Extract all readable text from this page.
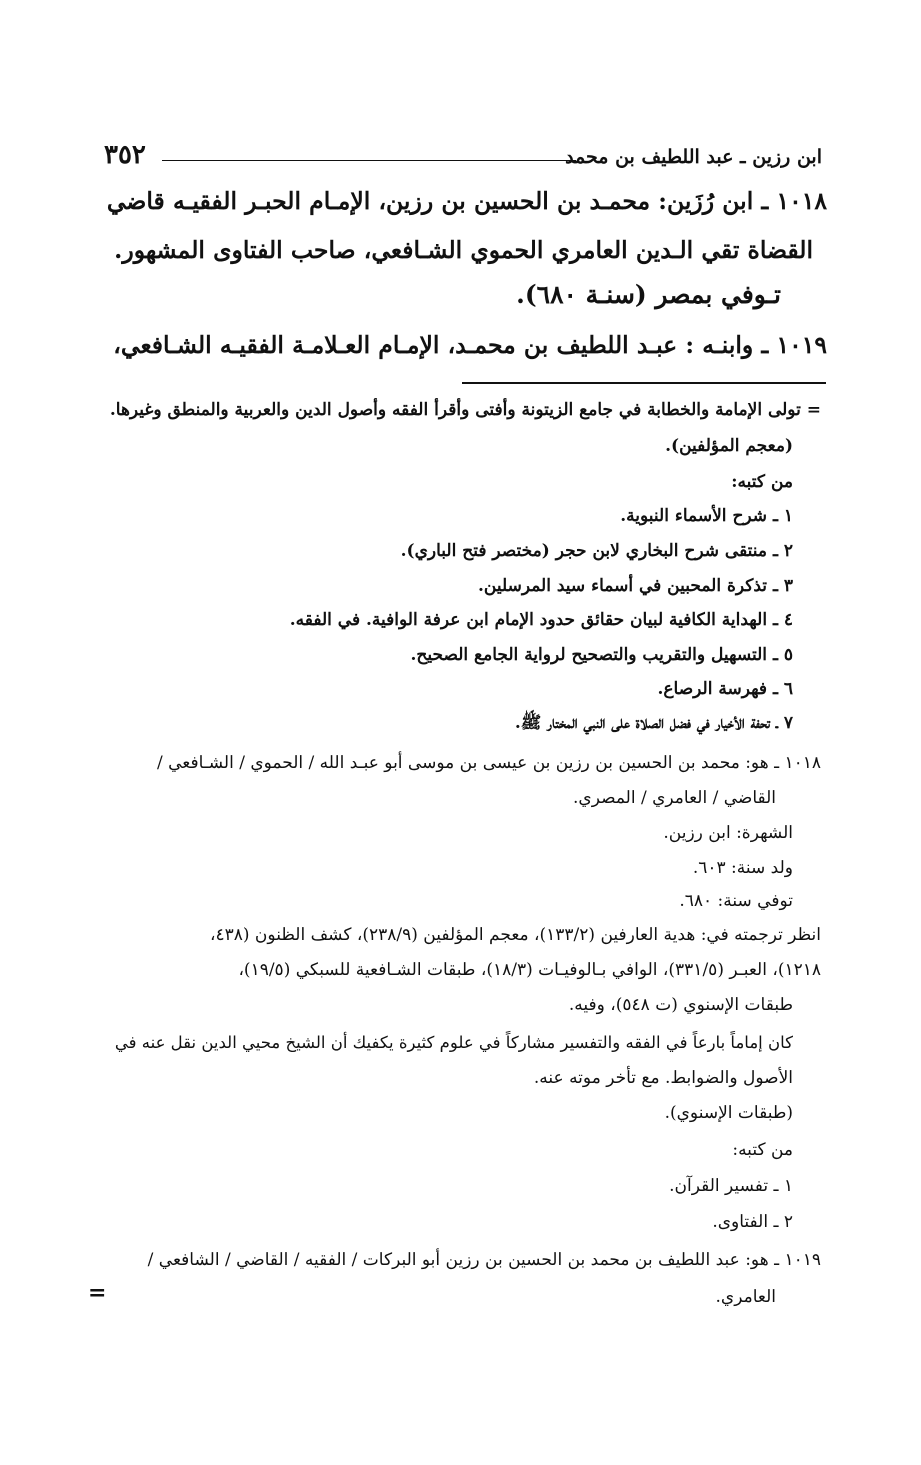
ابن رزين ـ عبد اللطيف بن محمد
٣٥٢
١٠١٨ ـ ابن رُزَين: محمـد بن الحسين بن رزين، الإمـام الحبـر الفقيـه قاضي
القضاة تقي الـدين العامري الحموي الشـافعي، صاحب الفتاوى المشهور.
تـوفي بمصر (سنـة ٦٨٠).
١٠١٩ ـ وابنـه : عبـد اللطيف بن محمـد، الإمـام العـلامـة الفقيـه الشـافعي،
= تولى الإمامة والخطابة في جامع الزيتونة وأفتى وأقرأ الفقه وأصول الدين والعربية والمنطق وغيرها.
(معجم المؤلفين).
من كتبه:
١ ـ شرح الأسماء النبوية.
٢ ـ منتقى شرح البخاري لابن حجر (مختصر فتح الباري).
٣ ـ تذكرة المحبين في أسماء سيد المرسلين.
٤ ـ الهداية الكافية لبيان حقائق حدود الإمام ابن عرفة الوافية. في الفقه.
٥ ـ التسهيل والتقريب والتصحيح لرواية الجامع الصحيح.
٦ ـ فهرسة الرصاع.
٧ ـ تحفة الأخيار في فضل الصلاة على النبي المختار ﷺ.
١٠١٨ ـ هو: محمد بن الحسين بن رزين بن عيسى بن موسى أبو عبـد الله / الحموي / الشـافعي /
القاضي / العامري / المصري.
الشهرة: ابن رزين.
ولد سنة: ٦٠٣.
توفي سنة: ٦٨٠.
انظر ترجمته في: هدية العارفين (١٣٣/٢)، معجم المؤلفين (٢٣٨/٩)، كشف الظنون (٤٣٨،
١٢١٨)، العبـر (٣٣١/٥)، الوافي بـالوفيـات (١٨/٣)، طبقات الشـافعية للسبكي (١٩/٥)،
طبقات الإسنوي (ت ٥٤٨)، وفيه.
كان إماماً بارعاً في الفقه والتفسير مشاركاً في علوم كثيرة يكفيك أن الشيخ محيي الدين نقل عنه في
الأصول والضوابط. مع تأخر موته عنه.
(طبقات الإسنوي).
من كتبه:
١ ـ تفسير القرآن.
٢ ـ الفتاوى.
١٠١٩ ـ هو: عبد اللطيف بن محمد بن الحسين بن رزين أبو البركات / الفقيه / القاضي / الشافعي /
العامري.
=
